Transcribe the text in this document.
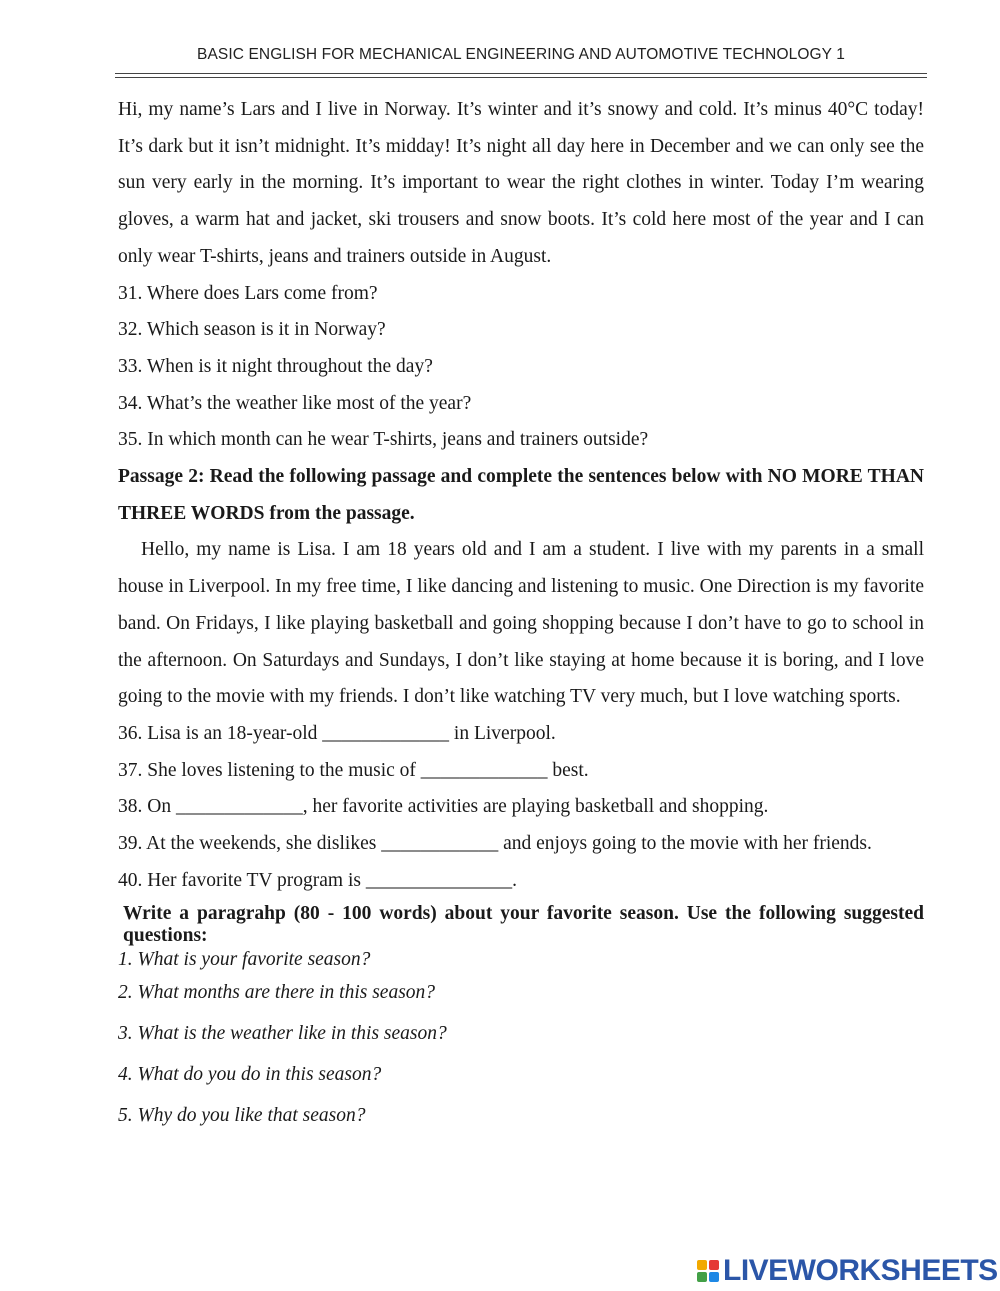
BASIC ENGLISH FOR MECHANICAL ENGINEERING AND AUTOMOTIVE TECHNOLOGY 1

Hi, my name’s Lars and I live in Norway. It’s winter and it’s snowy and cold. It’s minus 40°C today! It’s dark but it isn’t midnight. It’s midday! It’s night all day here in December and we can only see the sun very early in the morning. It’s important to wear the right clothes in winter. Today I’m wearing gloves, a warm hat and jacket, ski trousers and snow boots. It’s cold here most of the year and I can only wear T-shirts, jeans and trainers outside in August.

31. Where does Lars come from?

32. Which season is it in Norway?

33. When is it night throughout the day?

34. What’s the weather like most of the year?

35. In which month can he wear T-shirts, jeans and trainers outside?

Passage 2: Read the following passage and complete the sentences below with NO MORE THAN THREE WORDS from the passage.

Hello, my name is Lisa. I am 18 years old and I am a student. I live with my parents in a small house in Liverpool. In my free time, I like dancing and listening to music. One Direction is my favorite band. On Fridays, I like playing basketball and going shopping because I don’t have to go to school in the afternoon. On Saturdays and Sundays, I don’t like staying at home because it is boring, and I love going to the movie with my friends. I don’t like watching TV very much, but I love watching sports.

36. Lisa is an 18-year-old _____________ in Liverpool.

37. She loves listening to the music of _____________ best.

38. On _____________, her favorite activities are playing basketball and shopping.

39. At the weekends, she dislikes ____________ and enjoys going to the movie with her friends.

40. Her favorite TV program is _______________.

Write a paragrahp (80 - 100 words) about your favorite season. Use the following suggested questions:

1. What is your favorite season?

2. What months are there in this season?

3. What is the weather like in this season?

4. What do you do in this season?

5. Why do you like that season?

LIVEWORKSHEETS
